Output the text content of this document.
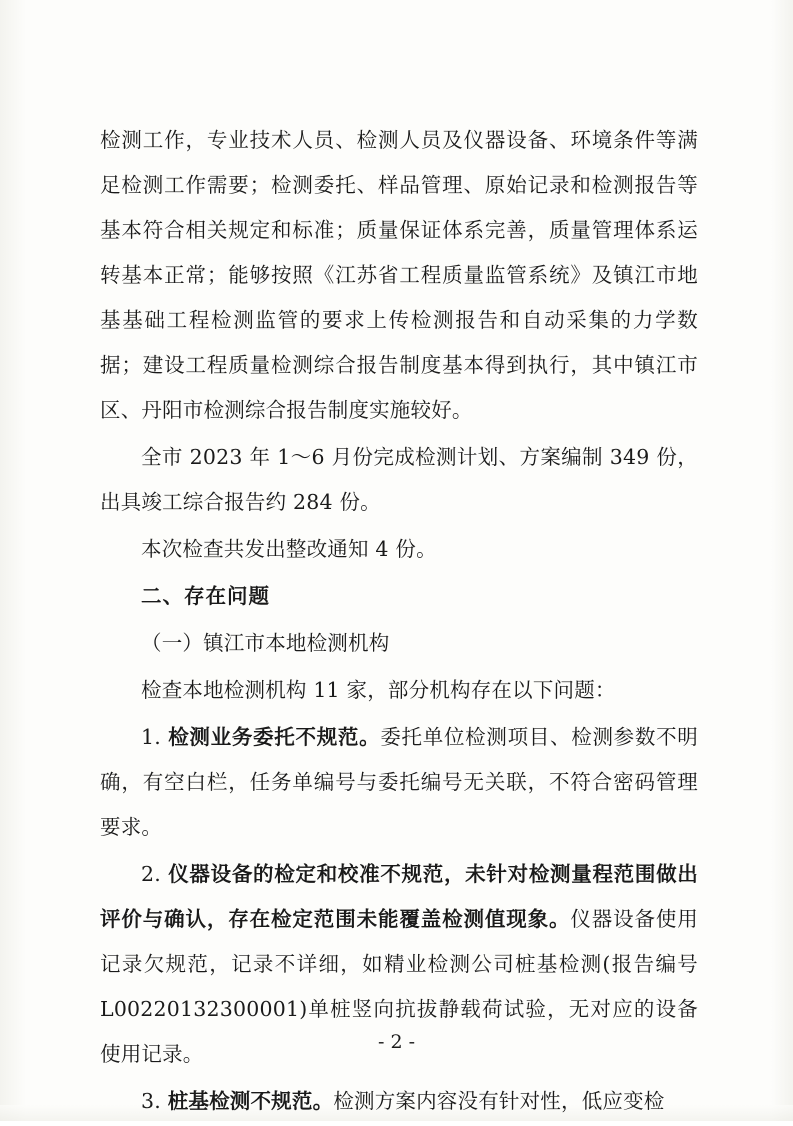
检测工作，专业技术人员、检测人员及仪器设备、环境条件等满足检测工作需要；检测委托、样品管理、原始记录和检测报告等基本符合相关规定和标准；质量保证体系完善，质量管理体系运转基本正常；能够按照《江苏省工程质量监管系统》及镇江市地基基础工程检测监管的要求上传检测报告和自动采集的力学数据；建设工程质量检测综合报告制度基本得到执行，其中镇江市区、丹阳市检测综合报告制度实施较好。

全市 2023 年 1～6 月份完成检测计划、方案编制 349 份，出具竣工综合报告约 284 份。

本次检查共发出整改通知 4 份。

二、存在问题

（一）镇江市本地检测机构

检查本地检测机构 11 家，部分机构存在以下问题：

1. 检测业务委托不规范。委托单位检测项目、检测参数不明确，有空白栏，任务单编号与委托编号无关联，不符合密码管理要求。

2. 仪器设备的检定和校准不规范，未针对检测量程范围做出评价与确认，存在检定范围未能覆盖检测值现象。仪器设备使用记录欠规范，记录不详细，如精业检测公司桩基检测(报告编号 L00220132300001)单桩竖向抗拔静载荷试验，无对应的设备使用记录。

3. 桩基检测不规范。检测方案内容没有针对性，低应变检

- 2 -
